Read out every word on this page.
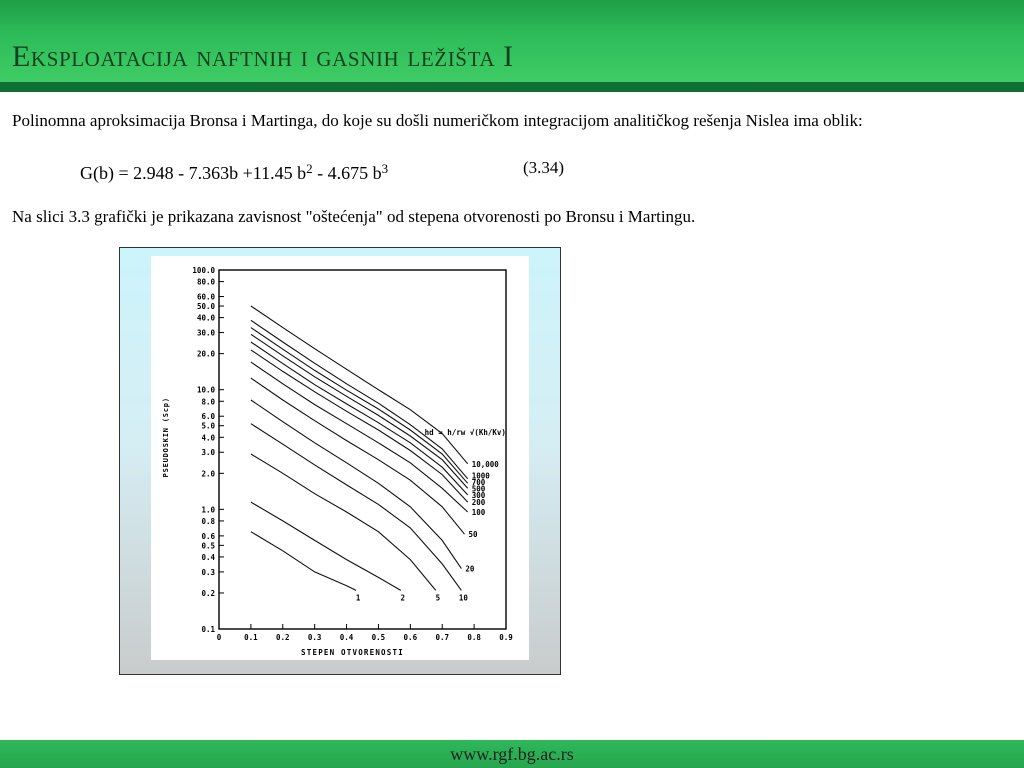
Eksploatacija naftnih i gasnih ležišta I
Polinomna aproksimacija Bronsa i Martinga, do koje su došli numeričkom integracijom analitičkog rešenja Nislea ima oblik:
G(b) = 2.948 - 7.363b +11.45 $b^2 - 4.675$ $b^3$	(3.34)
Na slici 3.3 grafički je prikazana zavisnost "oštećenja" od stepena otvorenosti po Bronsu i Martingu.
100.0
80.0
60.0
50.0
40.0
30.0
20.0
10.0
8.0
6.0
5.0
4.0
3.0
2.0
1.0
0.8
0.6
0.5
0.4
0.3
0.2
0.1
0	0.1 0.2 0.3 0.4 0.5 0.6 0.7 0.8 0.9
STEPEN OTVORENOSTI
PSEUDOSKIN (Scp)
1	2	5 10
20
50
100
200
300
500
700
1000
10,000
hd = h/rw √(Kh/Kv)
www.rgf.bg.ac.rs
